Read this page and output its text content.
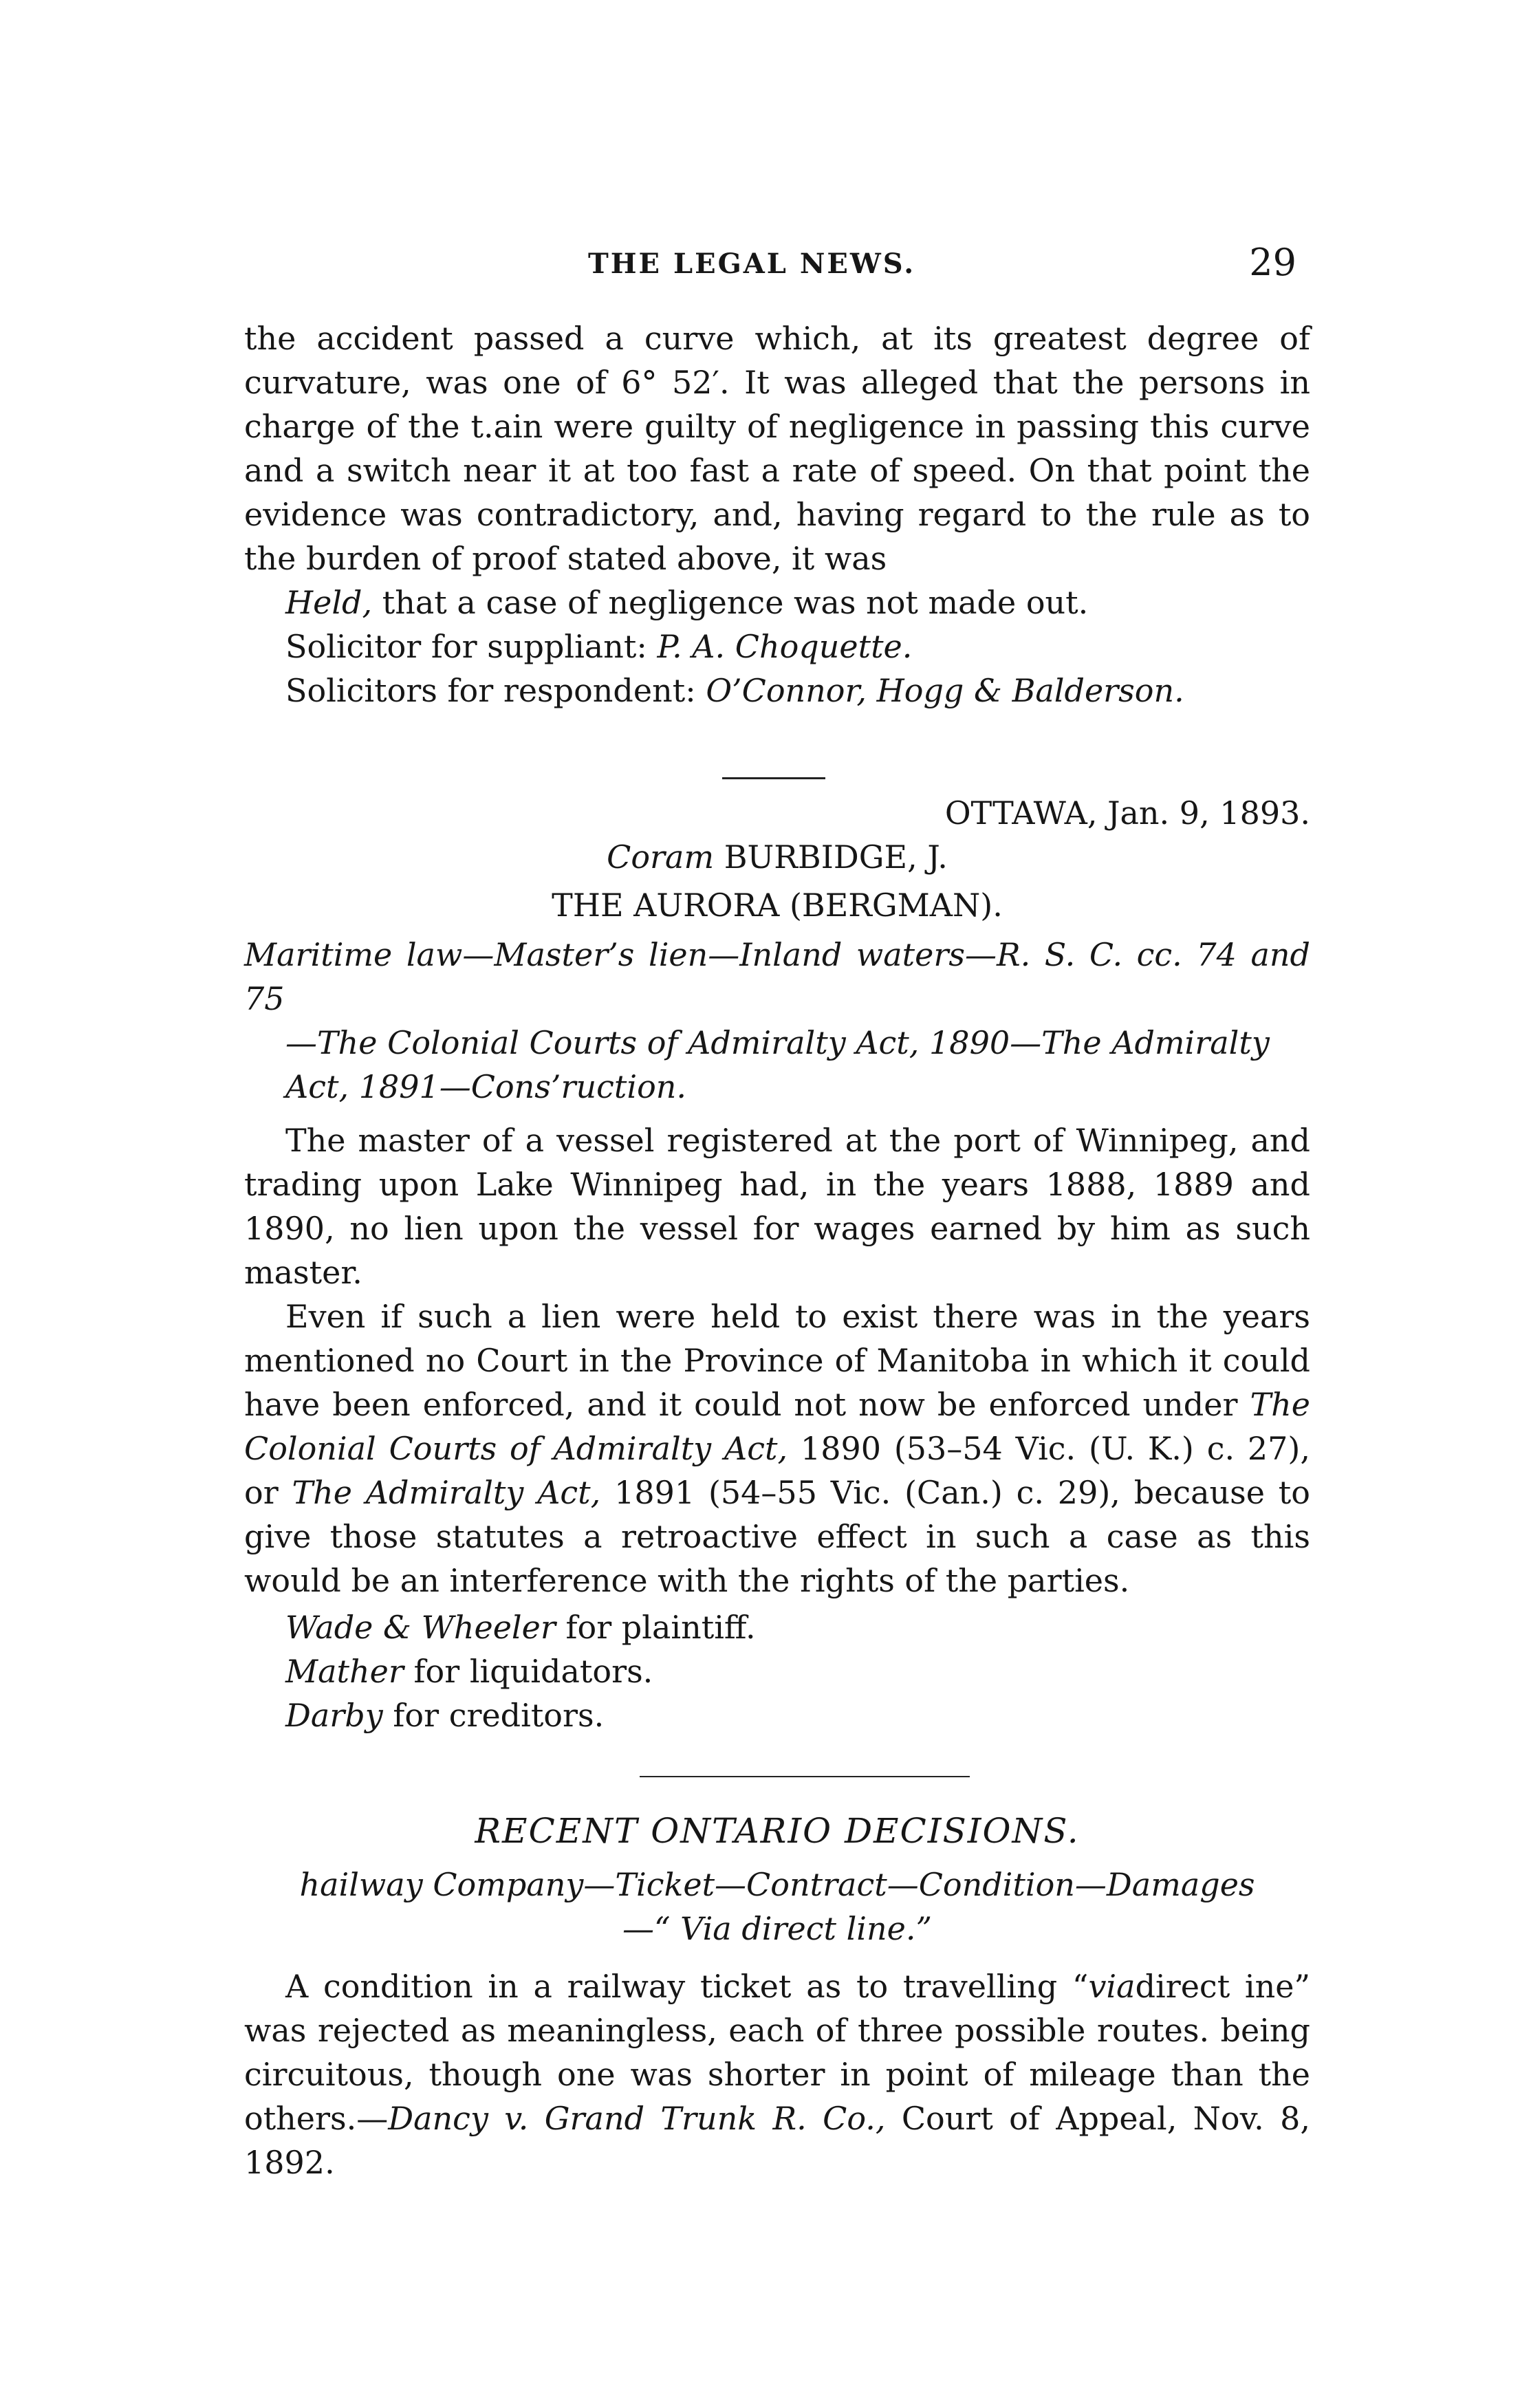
THE LEGAL NEWS.	29

the accident passed a curve which, at its greatest degree of curvature, was one of 6° 52′. It was alleged that the persons in charge of the t.ain were guilty of negligence in passing this curve and a switch near it at too fast a rate of speed. On that point the evidence was contradictory, and, having regard to the rule as to the burden of proof stated above, it was

Held, that a case of negligence was not made out.

Solicitor for suppliant: P. A. Choquette.

Solicitors for respondent: O’Connor, Hogg & Balderson.

OTTAWA, Jan. 9, 1893.

Coram BURBIDGE, J.

THE AURORA (BERGMAN).

Maritime law—Master’s lien—Inland waters—R. S. C. cc. 74 and 75

—The Colonial Courts of Admiralty Act, 1890—The Admiralty

Act, 1891—Cons’ruction.

The master of a vessel registered at the port of Winnipeg, and trading upon Lake Winnipeg had, in the years 1888, 1889 and 1890, no lien upon the vessel for wages earned by him as such master.

Even if such a lien were held to exist there was in the years mentioned no Court in the Province of Manitoba in which it could have been enforced, and it could not now be enforced under The Colonial Courts of Admiralty Act, 1890 (53–54 Vic. (U. K.) c. 27), or The Admiralty Act, 1891 (54–55 Vic. (Can.) c. 29), because to give those statutes a retroactive effect in such a case as this would be an interference with the rights of the parties.

Wade & Wheeler for plaintiff.

Mather for liquidators.

Darby for creditors.

RECENT ONTARIO DECISIONS.

hailway Company—Ticket—Contract—Condition—Damages

—“ Via direct line.”

A condition in a railway ticket as to travelling “viadirect ine” was rejected as meaningless, each of three possible routes. being circuitous, though one was shorter in point of mileage than the others.—Dancy v. Grand Trunk R. Co., Court of Appeal, Nov. 8, 1892.
